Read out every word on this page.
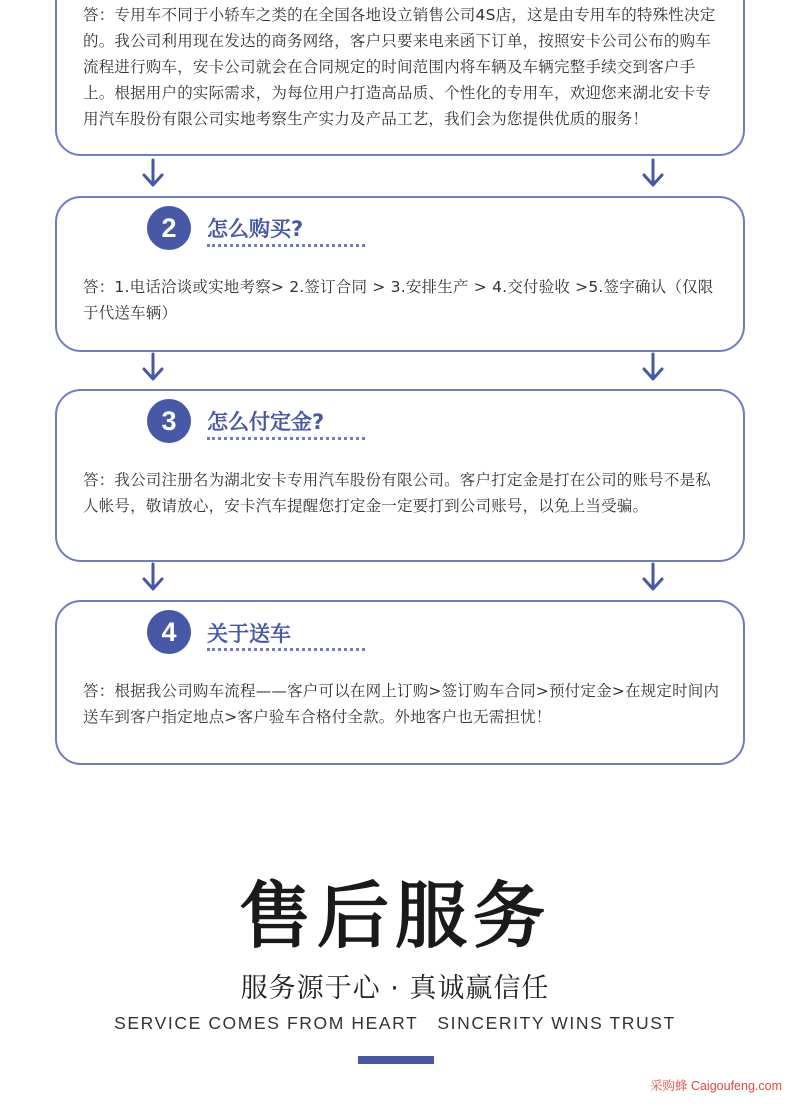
答：专用车不同于小轿车之类的在全国各地设立销售公司4S店，这是由专用车的特殊性决定的。我公司利用现在发达的商务网络，客户只要来电来函下订单，按照安卡公司公布的购车流程进行购车，安卡公司就会在合同规定的时间范围内将车辆及车辆完整手续交到客户手上。根据用户的实际需求，为每位用户打造高品质、个性化的专用车，欢迎您来湖北安卡专用汽车股份有限公司实地考察生产实力及产品工艺，我们会为您提供优质的服务！
2	怎么购买?
答：1.电话洽谈或实地考察> 2.签订合同 > 3.安排生产 > 4.交付验收 >5.签字确认（仅限于代送车辆）
3	怎么付定金?
答：我公司注册名为湖北安卡专用汽车股份有限公司。客户打定金是打在公司的账号不是私人帐号，敬请放心，安卡汽车提醒您打定金一定要打到公司账号，以免上当受骗。
4	关于送车
答：根据我公司购车流程——客户可以在网上订购>签订购车合同>预付定金>在规定时间内送车到客户指定地点>客户验车合格付全款。外地客户也无需担忧！
售后服务
服务源于心 · 真诚赢信任
SERVICE COMES FROM HEART   SINCERITY WINS TRUST
采购蜂 Caigoufeng.com
